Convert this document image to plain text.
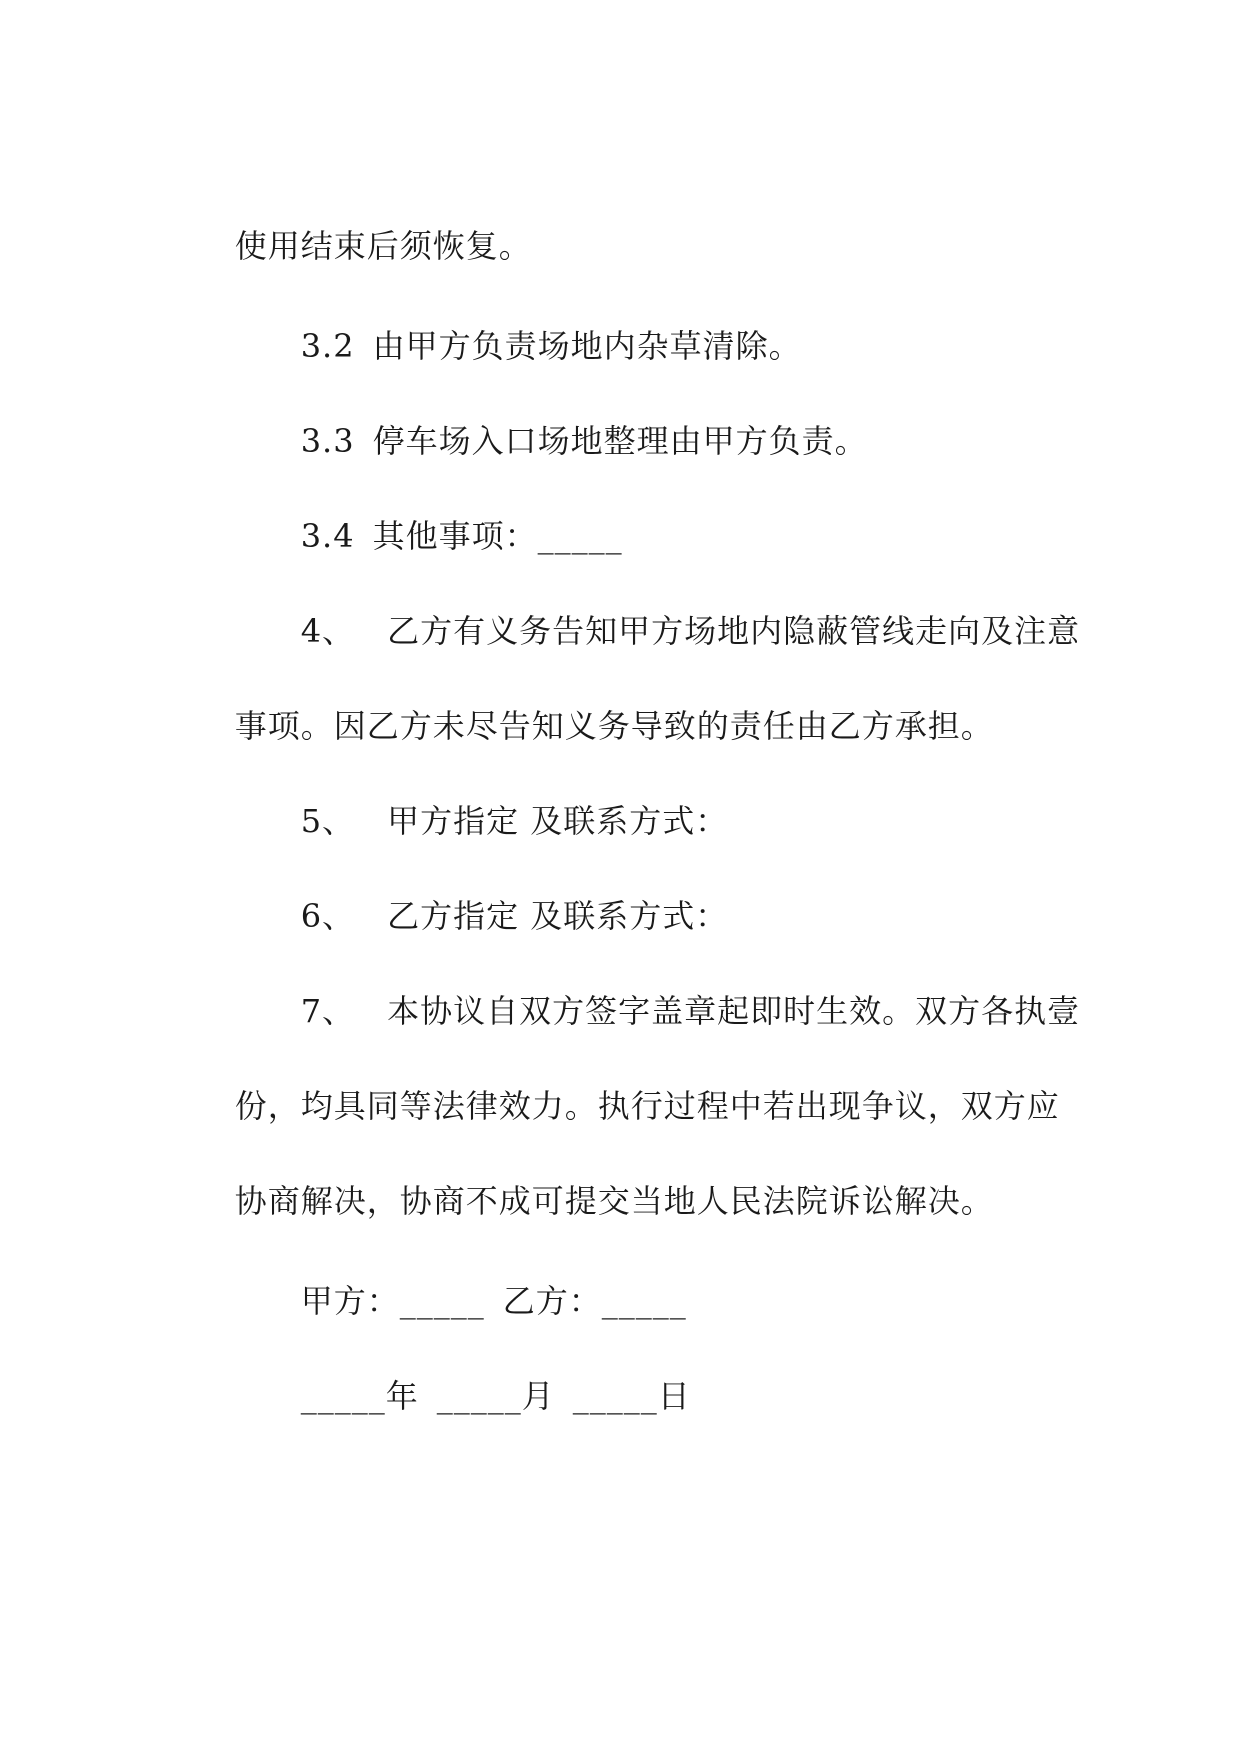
使用结束后须恢复。

3.2 由甲方负责场地内杂草清除。

3.3 停车场入口场地整理由甲方负责。

3.4 其他事项：_____

4、 乙方有义务告知甲方场地内隐蔽管线走向及注意

事项。因乙方未尽告知义务导致的责任由乙方承担。

5、 甲方指定 及联系方式：

6、 乙方指定 及联系方式：

7、 本协议自双方签字盖章起即时生效。双方各执壹

份，均具同等法律效力。执行过程中若出现争议，双方应

协商解决，协商不成可提交当地人民法院诉讼解决。

甲方：_____ 乙方：_____

_____年 _____月 _____日
